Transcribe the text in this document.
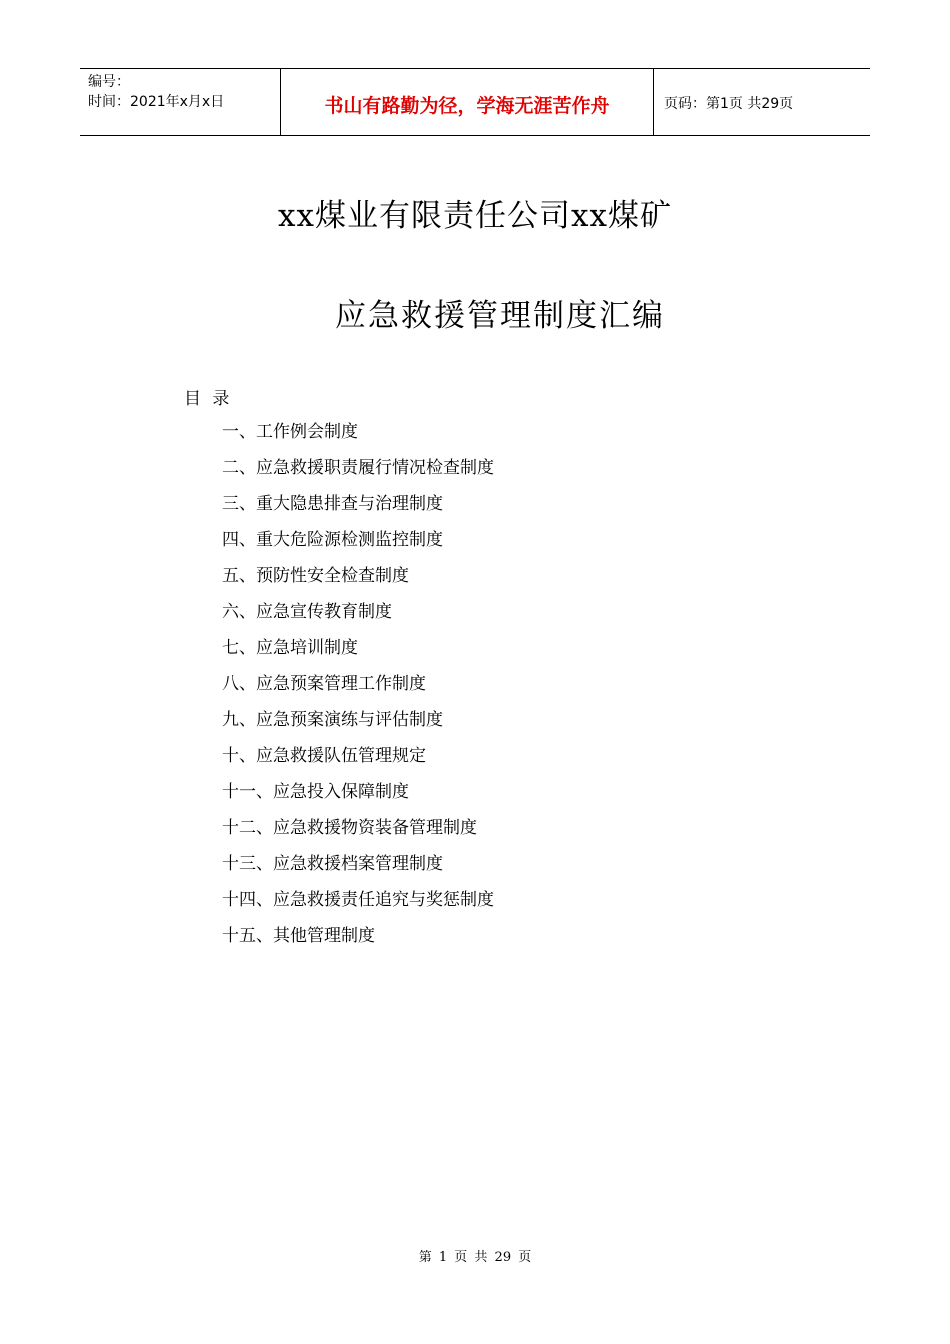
编号：
时间：2021年x月x日	书山有路勤为径，学海无涯苦作舟	页码：第1页 共29页
xx煤业有限责任公司xx煤矿
应急救援管理制度汇编
目 录
一、工作例会制度
二、应急救援职责履行情况检查制度
三、重大隐患排查与治理制度
四、重大危险源检测监控制度
五、预防性安全检查制度
六、应急宣传教育制度
七、应急培训制度
八、应急预案管理工作制度
九、应急预案演练与评估制度
十、应急救援队伍管理规定
十一、应急投入保障制度
十二、应急救援物资装备管理制度
十三、应急救援档案管理制度
十四、应急救援责任追究与奖惩制度
十五、其他管理制度
第 1 页 共 29 页
